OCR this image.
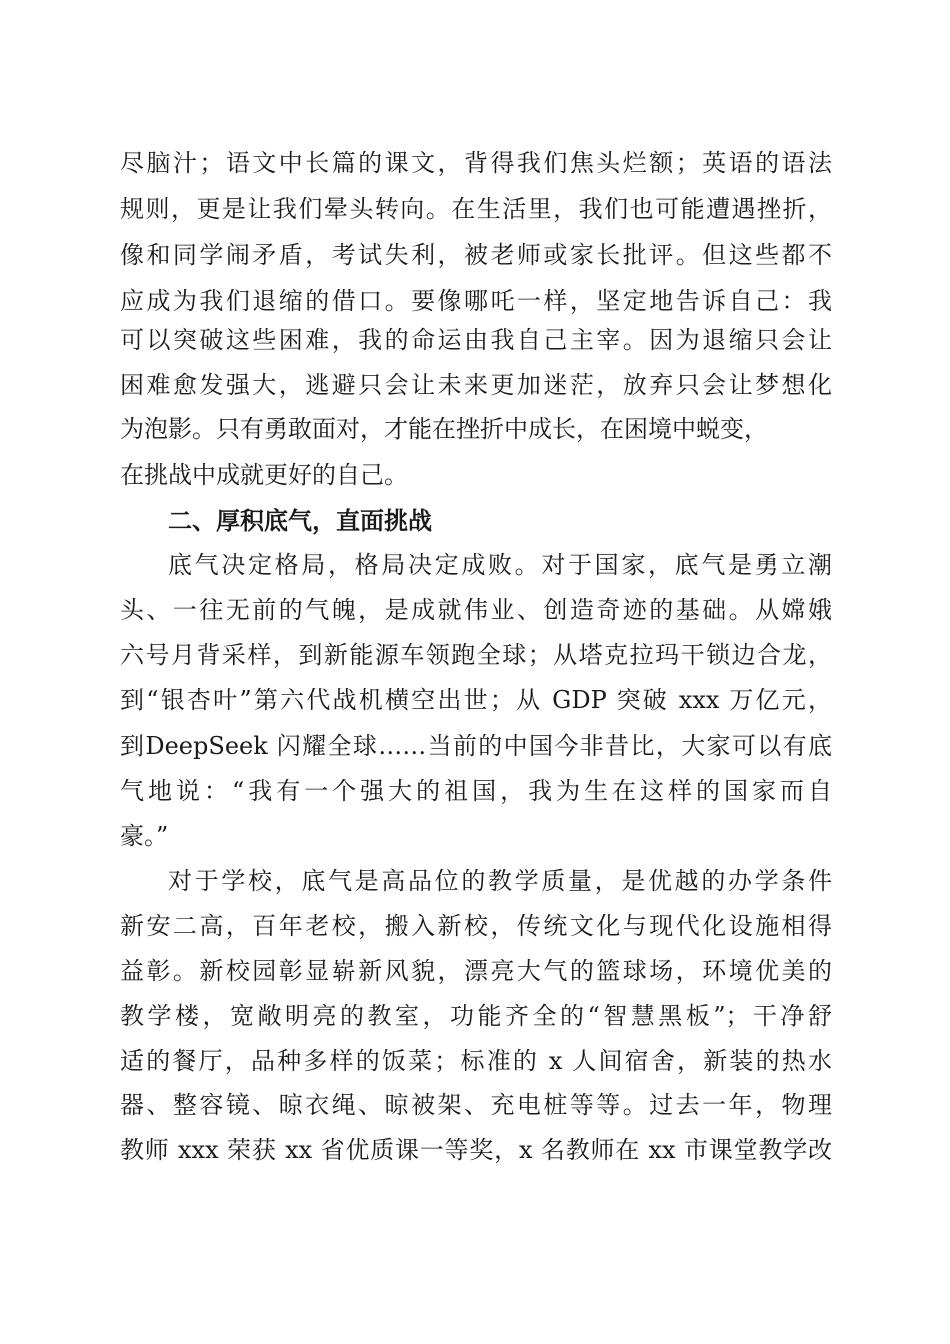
尽脑汁；语文中长篇的课文，背得我们焦头烂额；英语的语法
规则，更是让我们晕头转向。在生活里，我们也可能遭遇挫折，
像和同学闹矛盾，考试失利，被老师或家长批评。但这些都不
应成为我们退缩的借口。要像哪吒一样，坚定地告诉自己：我
可以突破这些困难，我的命运由我自己主宰。因为退缩只会让
困难愈发强大，逃避只会让未来更加迷茫，放弃只会让梦想化
为泡影。只有勇敢面对，才能在挫折中成长，在困境中蜕变，
在挑战中成就更好的自己。
二、厚积底气，直面挑战
底气决定格局，格局决定成败。对于国家，底气是勇立潮
头、一往无前的气魄，是成就伟业、创造奇迹的基础。从嫦娥
六号月背采样，到新能源车领跑全球；从塔克拉玛干锁边合龙，
到“银杏叶”第六代战机横空出世；从 GDP 突破 xxx 万亿元，
到DeepSeek 闪耀全球……当前的中国今非昔比，大家可以有底
气地说：“我有一个强大的祖国，我为生在这样的国家而自
豪。”
对于学校，底气是高品位的教学质量，是优越的办学条件
新安二高，百年老校，搬入新校，传统文化与现代化设施相得
益彰。新校园彰显崭新风貌，漂亮大气的篮球场，环境优美的
教学楼，宽敞明亮的教室，功能齐全的“智慧黑板”；干净舒
适的餐厅，品种多样的饭菜；标准的 x 人间宿舍，新装的热水
器、整容镜、晾衣绳、晾被架、充电桩等等。过去一年，物理
教师 xxx 荣获 xx 省优质课一等奖，x 名教师在 xx 市课堂教学改
